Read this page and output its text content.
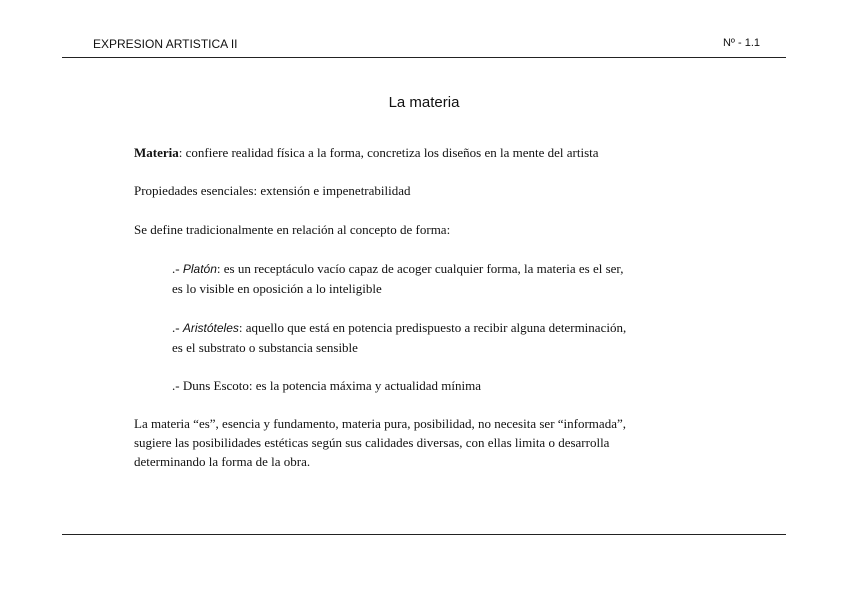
EXPRESION ARTISTICA II	Nº - 1.1
La materia
Materia: confiere realidad física a la forma, concretiza los diseños en la mente del artista
Propiedades esenciales: extensión e impenetrabilidad
Se define tradicionalmente en relación al concepto de forma:
.- Platón: es un receptáculo vacío capaz de acoger cualquier forma, la materia es el ser,
es lo visible en oposición a lo inteligible
.- Aristóteles: aquello que está en potencia predispuesto a recibir alguna determinación,
es el substrato o substancia sensible
.- Duns Escoto: es la potencia máxima y actualidad mínima
La materia “es”, esencia y fundamento, materia pura, posibilidad, no necesita ser “informada”,
sugiere las posibilidades estéticas según sus calidades diversas, con ellas limita o desarrolla
determinando la forma de la obra.
